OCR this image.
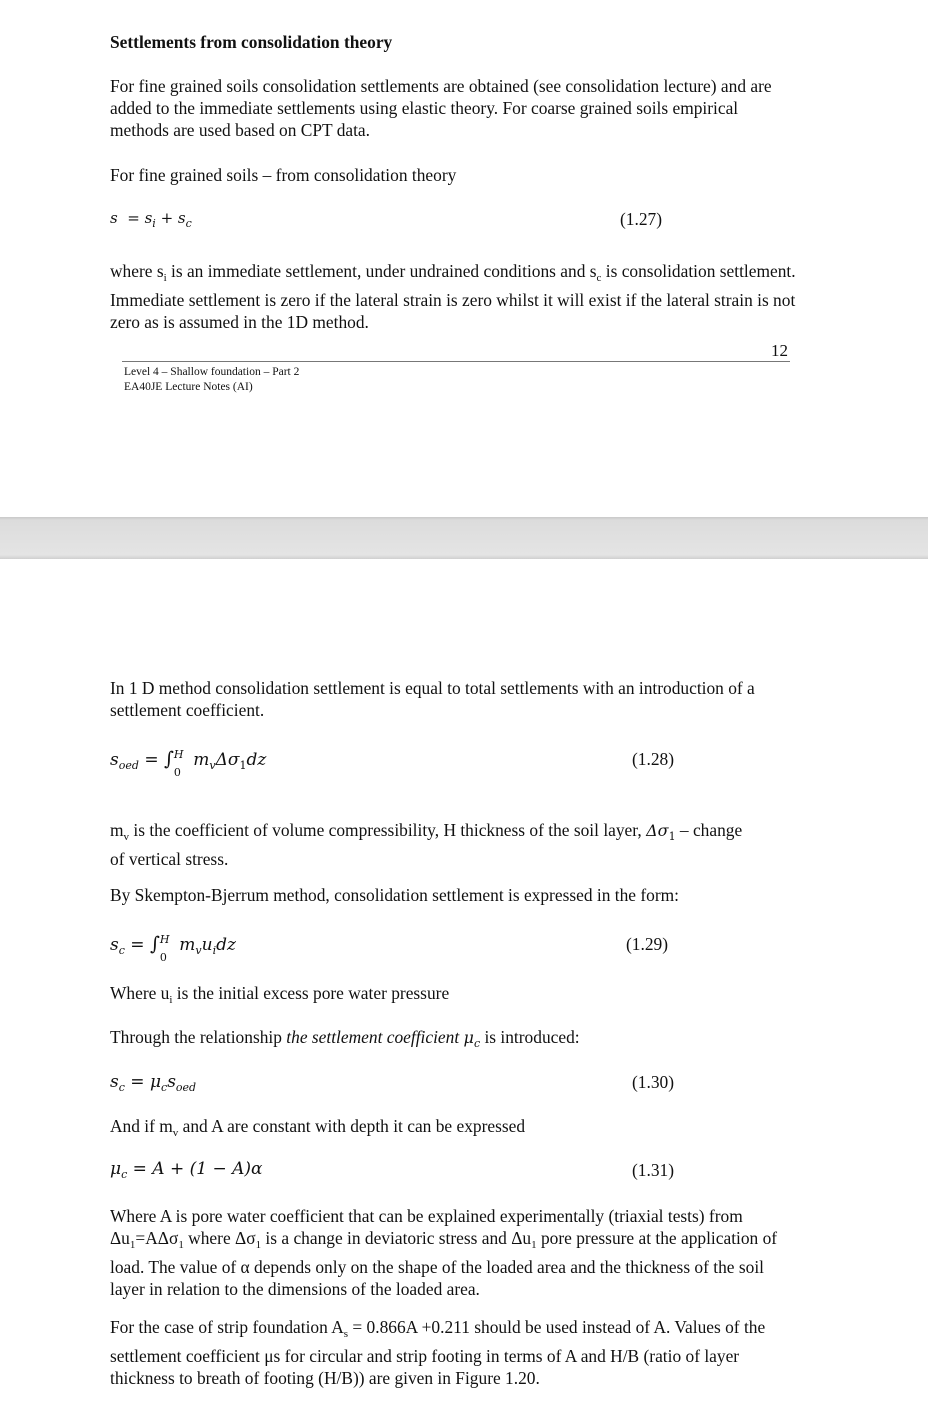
Settlements from consolidation theory

For fine grained soils consolidation settlements are obtained (see consolidation lecture) and are added to the immediate settlements using elastic theory. For coarse grained soils empirical methods are used based on CPT data.

For fine grained soils – from consolidation theory

$s = s_i + s_c$	(1.27)

where $s_i$ is an immediate settlement, under undrained conditions and $s_c$ is consolidation settlement. Immediate settlement is zero if the lateral strain is zero whilst it will exist if the lateral strain is not zero as is assumed in the 1D method.

12
Level 4 – Shallow foundation – Part 2
EA40JE Lecture Notes (AI)

In 1 D method consolidation settlement is equal to total settlements with an introduction of a settlement coefficient.

$s_{oed}$ = ∫ H
0
$m_v\Delta\sigma_1dz$	(1.28)

$m_v$ is the coefficient of volume compressibility, H thickness of the soil layer, $\Delta\sigma_1$ – change of vertical stress.

By Skempton-Bjerrum method, consolidation settlement is expressed in the form:

$s_c$ = ∫ H
0
$m_vu_idz$	(1.29)

Where $u_i$ is the initial excess pore water pressure

Through the relationship the settlement coefficient $\mu_c$ is introduced:

$s_c = \mu_cs_{oed}$	(1.30)

And if $m_v$ and A are constant with depth it can be expressed

$\mu_c = A + (1 - A)\alpha$	(1.31)

Where A is pore water coefficient that can be explained experimentally (triaxial tests) from $\Delta u_1=A\Delta\sigma_1$ where $\Delta\sigma_1$ is a change in deviatoric stress and $\Delta u_1$ pore pressure at the application of load. The value of α depends only on the shape of the loaded area and the thickness of the soil layer in relation to the dimensions of the loaded area.

For the case of strip foundation $A_s = 0.866A +0.211$ should be used instead of A. Values of the settlement coefficient μs for circular and strip footing in terms of A and H/B (ratio of layer thickness to breath of footing (H/B)) are given in Figure 1.20.
